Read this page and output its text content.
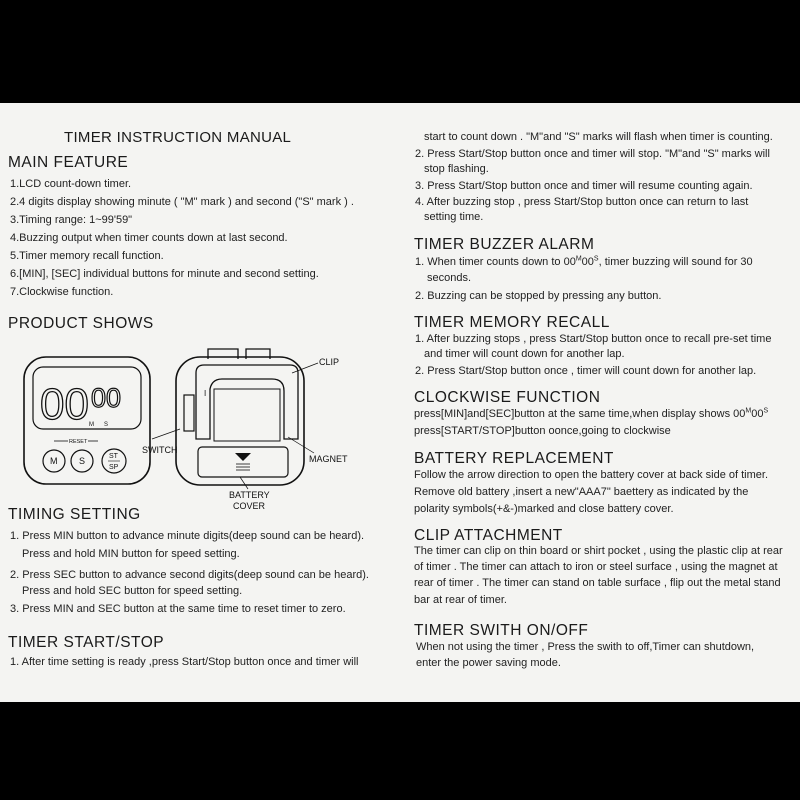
TIMER INSTRUCTION MANUAL
MAIN FEATURE
1.LCD count-down timer.
2.4 digits display showing minute ( "M" mark ) and second ("S" mark ) .
3.Timing range: 1~99'59"
4.Buzzing output when timer counts down at last second.
5.Timer memory recall function.
6.[MIN], [SEC] individual buttons for minute and second setting.
7.Clockwise function.
PRODUCT SHOWS
00 00
M S
RESET
M S	ST
SP
I
CLIP
SWITCH
MAGNET
BATTERY
COVER
TIMING SETTING
1. Press MIN button to advance minute digits(deep sound can be heard).
Press and hold MIN button for speed setting.
2. Press SEC button to advance second digits(deep sound can be heard).
Press and hold SEC button for speed setting.
3. Press MIN and SEC button at the same time to reset timer to zero.
TIMER START/STOP
1. After time setting is ready ,press Start/Stop button once and timer will
start to count down . "M"and "S" marks will flash when timer is counting.
2. Press Start/Stop button once and timer will stop. "M"and "S" marks will
stop flashing.
3. Press Start/Stop button once and timer will resume counting again.
4. After buzzing stop , press Start/Stop button once can return to last
setting time.
TIMER BUZZER ALARM
1. When timer counts down to $00^M00^S$, timer buzzing will sound for 30
seconds.
2. Buzzing can be stopped by pressing any button.
TIMER MEMORY RECALL
1. After buzzing stops , press Start/Stop button once to recall pre-set time
and timer will count down for another lap.
2. Press Start/Stop button once , timer will count down for another lap.
CLOCKWISE FUNCTION
press[MIN]and[SEC]button at the same time,when display shows $00^M00^S$
press[START/STOP]button oonce,going to clockwise
BATTERY REPLACEMENT
Follow the arrow direction to open the battery cover at back side of timer.
Remove old battery ,insert a new"AAA7" baettery as indicated by the
polarity symbols(+&-)marked and close battery cover.
CLIP ATTACHMENT
The timer can clip on thin board or shirt pocket , using the plastic clip at rear
of timer . The timer can attach to iron or steel surface , using the magnet at
rear of timer . The timer can stand on table surface , flip out the metal stand
bar at rear of timer.
TIMER SWITH ON/OFF
When not using the timer , Press the swith to off,Timer can shutdown,
enter the power saving mode.
